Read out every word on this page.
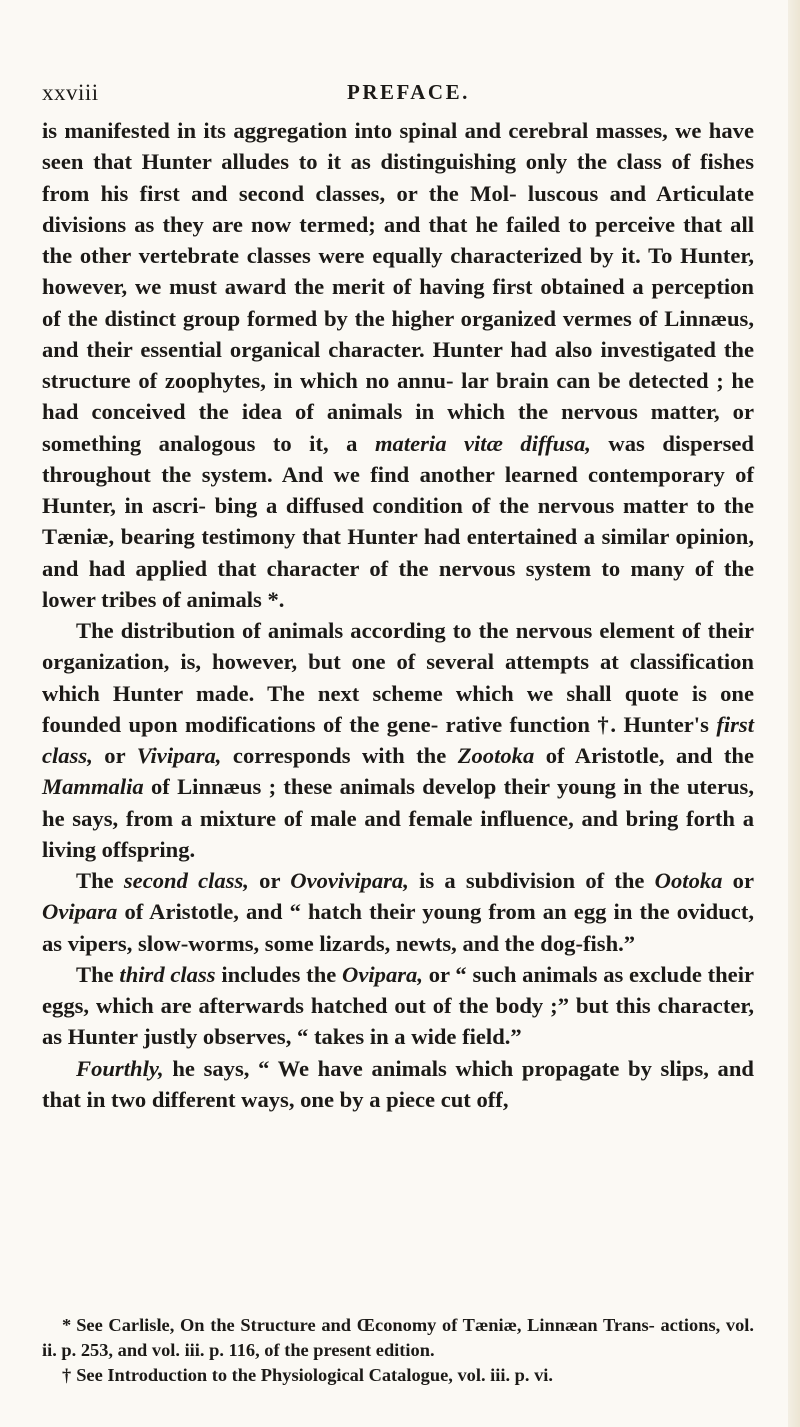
xxviii	PREFACE.

is manifested in its aggregation into spinal and cerebral masses, we have seen that Hunter alludes to it as distinguishing only the class of fishes from his first and second classes, or the Mol- luscous and Articulate divisions as they are now termed; and that he failed to perceive that all the other vertebrate classes were equally characterized by it. To Hunter, however, we must award the merit of having first obtained a perception of the distinct group formed by the higher organized vermes of Linnæus, and their essential organical character. Hunter had also investigated the structure of zoophytes, in which no annu- lar brain can be detected ; he had conceived the idea of animals in which the nervous matter, or something analogous to it, a materia vitæ diffusa, was dispersed throughout the system. And we find another learned contemporary of Hunter, in ascri- bing a diffused condition of the nervous matter to the Tæniæ, bearing testimony that Hunter had entertained a similar opinion, and had applied that character of the nervous system to many of the lower tribes of animals *.

The distribution of animals according to the nervous element of their organization, is, however, but one of several attempts at classification which Hunter made. The next scheme which we shall quote is one founded upon modifications of the gene- rative function †. Hunter's first class, or Vivipara, corresponds with the Zootoka of Aristotle, and the Mammalia of Linnæus ; these animals develop their young in the uterus, he says, from a mixture of male and female influence, and bring forth a living offspring.

The second class, or Ovovivipara, is a subdivision of the Ootoka or Ovipara of Aristotle, and “ hatch their young from an egg in the oviduct, as vipers, slow-worms, some lizards, newts, and the dog-fish.”

The third class includes the Ovipara, or “ such animals as exclude their eggs, which are afterwards hatched out of the body ;” but this character, as Hunter justly observes, “ takes in a wide field.”

Fourthly, he says, “ We have animals which propagate by slips, and that in two different ways, one by a piece cut off,

* See Carlisle, On the Structure and Œconomy of Tæniæ, Linnæan Trans- actions, vol. ii. p. 253, and vol. iii. p. 116, of the present edition.

† See Introduction to the Physiological Catalogue, vol. iii. p. vi.
